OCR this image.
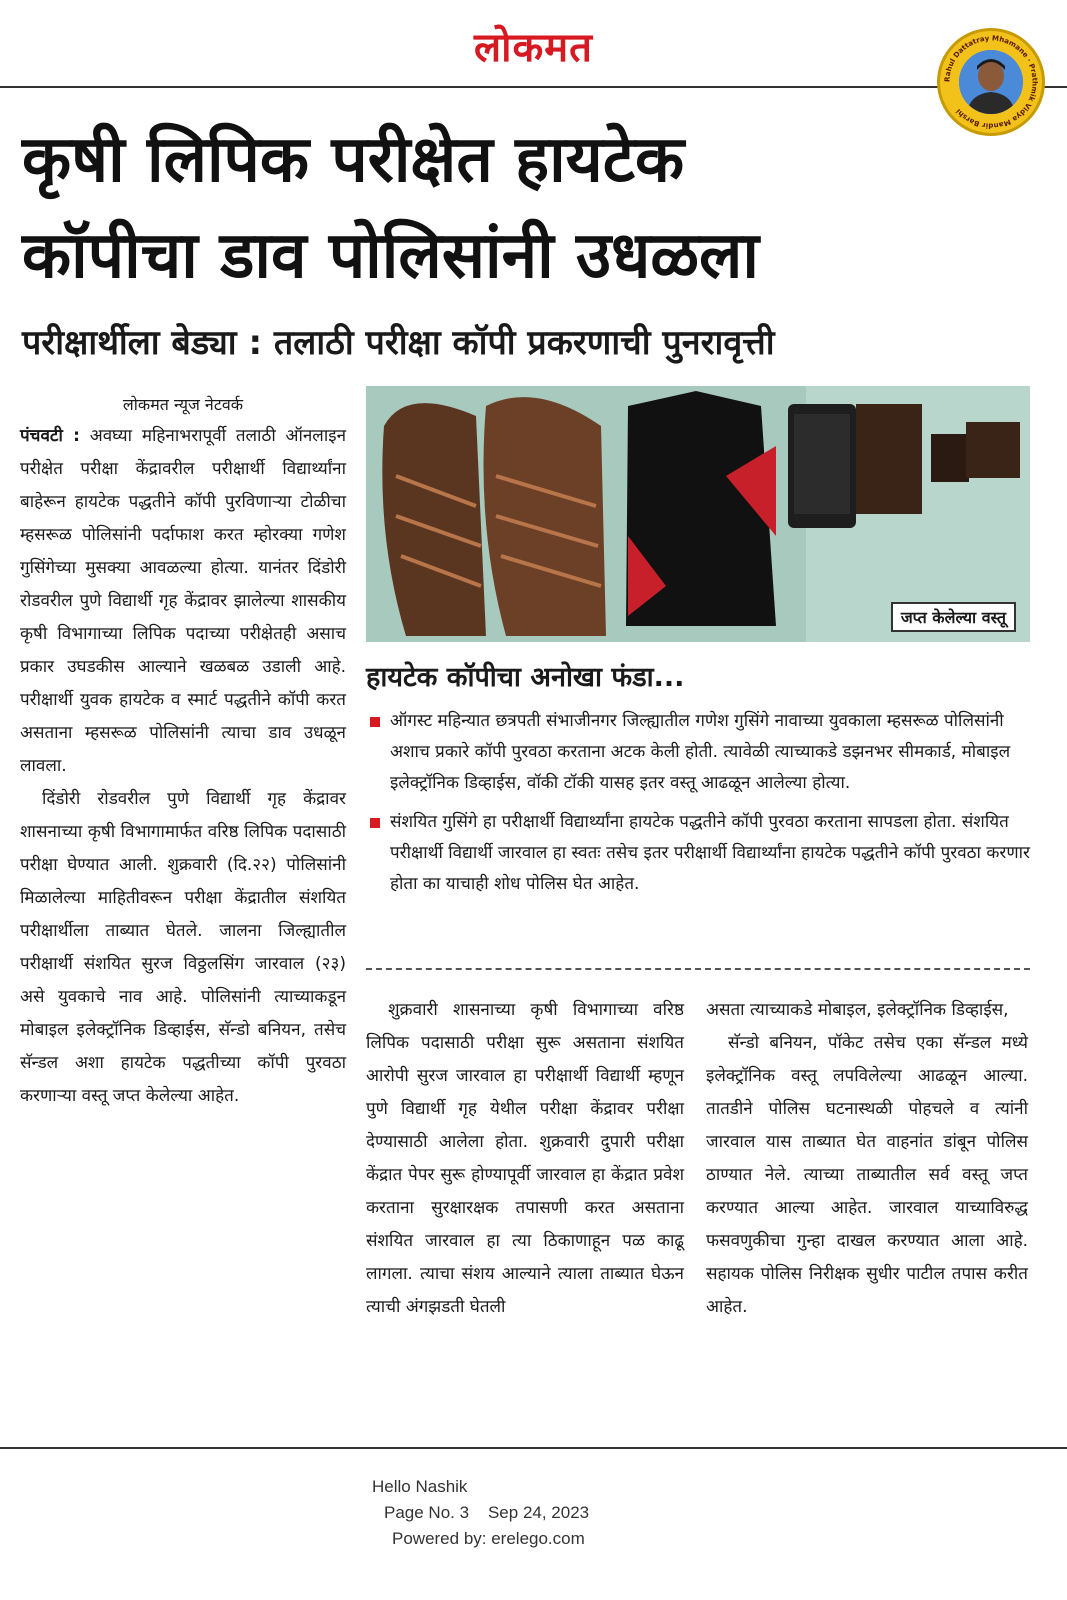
लोकमत
Rahul Dattatray Mhamane · Prathmik Vidya Mandir Barshi
कृषी लिपिक परीक्षेत हायटेक
कॉपीचा डाव पोलिसांनी उधळला
परीक्षार्थीला बेड्या : तलाठी परीक्षा कॉपी प्रकरणाची पुनरावृत्ती
लोकमत न्यूज नेटवर्क

पंचवटी : अवघ्या महिनाभरापूर्वी तलाठी ऑनलाइन परीक्षेत परीक्षा केंद्रावरील परीक्षार्थी विद्यार्थ्यांना बाहेरून हायटेक पद्धतीने कॉपी पुरविणाऱ्या टोळीचा म्हसरूळ पोलिसांनी पर्दाफाश करत म्होरक्या गणेश गुसिंगेच्या मुसक्या आवळल्या होत्या. यानंतर दिंडोरी रोडवरील पुणे विद्यार्थी गृह केंद्रावर झालेल्या शासकीय कृषी विभागाच्या लिपिक पदाच्या परीक्षेतही असाच प्रकार उघडकीस आल्याने खळबळ उडाली आहे. परीक्षार्थी युवक हायटेक व स्मार्ट पद्धतीने कॉपी करत असताना म्हसरूळ पोलिसांनी त्याचा डाव उधळून लावला.

दिंडोरी रोडवरील पुणे विद्यार्थी गृह केंद्रावर शासनाच्या कृषी विभागामार्फत वरिष्ठ लिपिक पदासाठी परीक्षा घेण्यात आली. शुक्रवारी (दि.२२) पोलिसांनी मिळालेल्या माहितीवरून परीक्षा केंद्रातील संशयित परीक्षार्थीला ताब्यात घेतले. जालना जिल्ह्यातील परीक्षार्थी संशयित सुरज विठ्ठलसिंग जारवाल (२३) असे युवकाचे नाव आहे. पोलिसांनी त्याच्याकडून मोबाइल इलेक्ट्रॉनिक डिव्हाईस, सॅन्डो बनियन, तसेच सॅन्डल अशा हायटेक पद्धतीच्या कॉपी पुरवठा करणाऱ्या वस्तू जप्त केलेल्या आहेत.

जप्त केलेल्या वस्तू
हायटेक कॉपीचा अनोखा फंडा...
ऑगस्ट महिन्यात छत्रपती संभाजीनगर जिल्ह्यातील गणेश गुसिंगे नावाच्या युवकाला म्हसरूळ पोलिसांनी अशाच प्रकारे कॉपी पुरवठा करताना अटक केली होती. त्यावेळी त्याच्याकडे डझनभर सीमकार्ड, मोबाइल इलेक्ट्रॉनिक डिव्हाईस, वॉकी टॉकी यासह इतर वस्तू आढळून आलेल्या होत्या.
संशयित गुसिंगे हा परीक्षार्थी विद्यार्थ्यांना हायटेक पद्धतीने कॉपी पुरवठा करताना सापडला होता. संशयित परीक्षार्थी विद्यार्थी जारवाल हा स्वतः तसेच इतर परीक्षार्थी विद्यार्थ्यांना हायटेक पद्धतीने कॉपी पुरवठा करणार होता का याचाही शोध पोलिस घेत आहेत.

शुक्रवारी शासनाच्या कृषी विभागाच्या वरिष्ठ लिपिक पदासाठी परीक्षा सुरू असताना संशयित आरोपी सुरज जारवाल हा परीक्षार्थी विद्यार्थी म्हणून पुणे विद्यार्थी गृह येथील परीक्षा केंद्रावर परीक्षा देण्यासाठी आलेला होता. शुक्रवारी दुपारी परीक्षा केंद्रात पेपर सुरू होण्यापूर्वी जारवाल हा केंद्रात प्रवेश करताना सुरक्षारक्षक तपासणी करत असताना संशयित जारवाल हा त्या ठिकाणाहून पळ काढू लागला. त्याचा संशय आल्याने त्याला ताब्यात घेऊन त्याची अंगझडती घेतली

असता त्याच्याकडे मोबाइल, इलेक्ट्रॉनिक डिव्हाईस,

सॅन्डो बनियन, पॉकेट तसेच एका सॅन्डल मध्ये इलेक्ट्रॉनिक वस्तू लपविलेल्या आढळून आल्या. तातडीने पोलिस घटनास्थळी पोहचले व त्यांनी जारवाल यास ताब्यात घेत वाहनांत डांबून पोलिस ठाण्यात नेले. त्याच्या ताब्यातील सर्व वस्तू जप्त करण्यात आल्या आहेत. जारवाल याच्याविरुद्ध फसवणुकीचा गुन्हा दाखल करण्यात आला आहे. सहायक पोलिस निरीक्षक सुधीर पाटील तपास करीत आहेत.

Hello Nashik
Page No. 3 Sep 24, 2023
Powered by: erelego.com
